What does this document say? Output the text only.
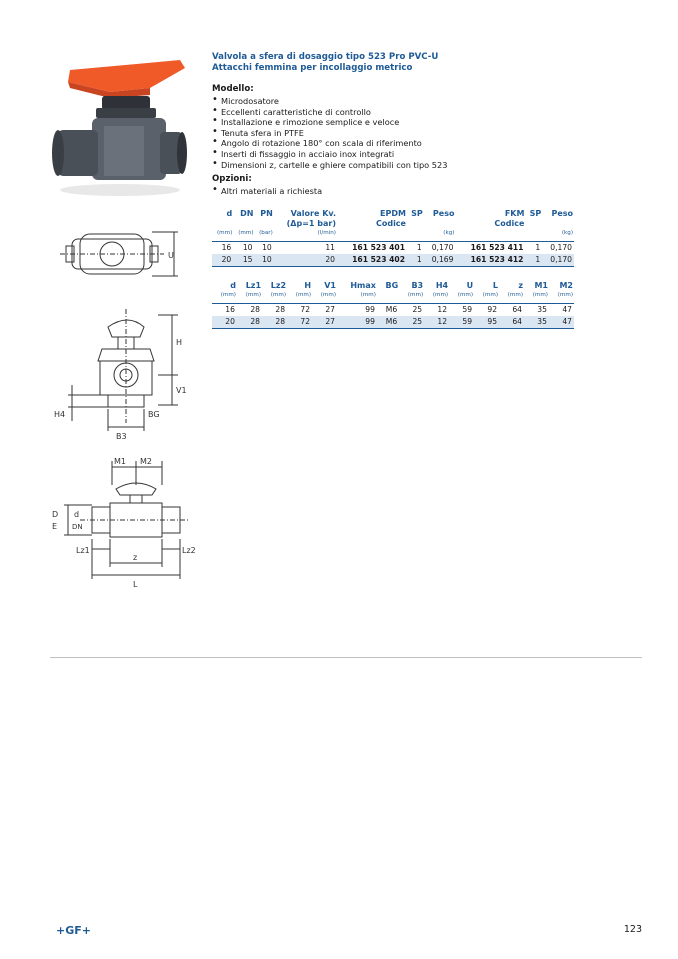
U

H
V1
H4	BG
B3

M1 M2
D
E
d
DN
Lz1	Lz2
z
L
Valvola a sfera di dosaggio tipo 523 Pro PVC-U
Attacchi femmina per incollaggio metrico
Modello:
• Microdosatore
• Eccellenti caratteristiche di controllo
• Installazione e rimozione semplice e veloce
• Tenuta sfera in PTFE
• Angolo di rotazione 180° con scala di riferimento
• Inserti di fissaggio in acciaio inox integrati
• Dimensioni z, cartelle e ghiere compatibili con tipo 523
Opzioni:
• Altri materiali a richiesta
d	DN	PN	Valore Kv.	EPDM	SP	Peso	FKM	SP	Peso
			(Δp=1 bar)	Codice			Codice		
(mm)	(mm)	(bar)	(l/min)			(kg)			(kg)
16	10	10	11	161 523 401	1	0,170	161 523 411	1	0,170
20	15	10	20	161 523 402	1	0,169	161 523 412	1	0,170
d	Lz1	Lz2	H	V1	Hmax	BG	B3	H4	U	L	z	M1	M2
(mm)	(mm)	(mm)	(mm)	(mm)	(mm)		(mm)	(mm)	(mm)	(mm)	(mm)	(mm)	(mm)
16	28	28	72	27	99	M6	25	12	59	92	64	35	47
20	28	28	72	27	99	M6	25	12	59	95	64	35	47
+GF+	123
